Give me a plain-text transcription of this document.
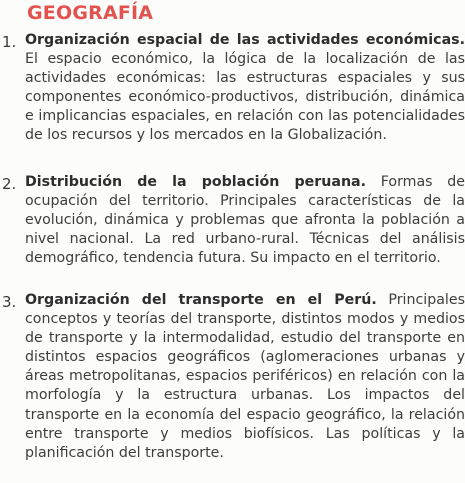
GEOGRAFÍA
1. Organización espacial de las actividades económicas. El espacio económico, la lógica de la localización de las actividades económicas: las estructuras espaciales y sus componentes económico-productivos, distribución, dinámica e implicancias espaciales, en relación con las potencialidades de los recursos y los mercados en la Globalización.
2. Distribución de la población peruana. Formas de ocupación del territorio. Principales características de la evolución, dinámica y problemas que afronta la población a nivel nacional. La red urbano-rural. Técnicas del análisis demográfico, tendencia futura. Su impacto en el territorio.
3. Organización del transporte en el Perú. Principales conceptos y teorías del transporte, distintos modos y medios de transporte y la intermodalidad, estudio del transporte en distintos espacios geográficos (aglomeraciones urbanas y áreas metropolitanas, espacios periféricos) en relación con la morfología y la estructura urbanas. Los impactos del transporte en la economía del espacio geográfico, la relación entre transporte y medios biofísicos. Las políticas y la planificación del transporte.
